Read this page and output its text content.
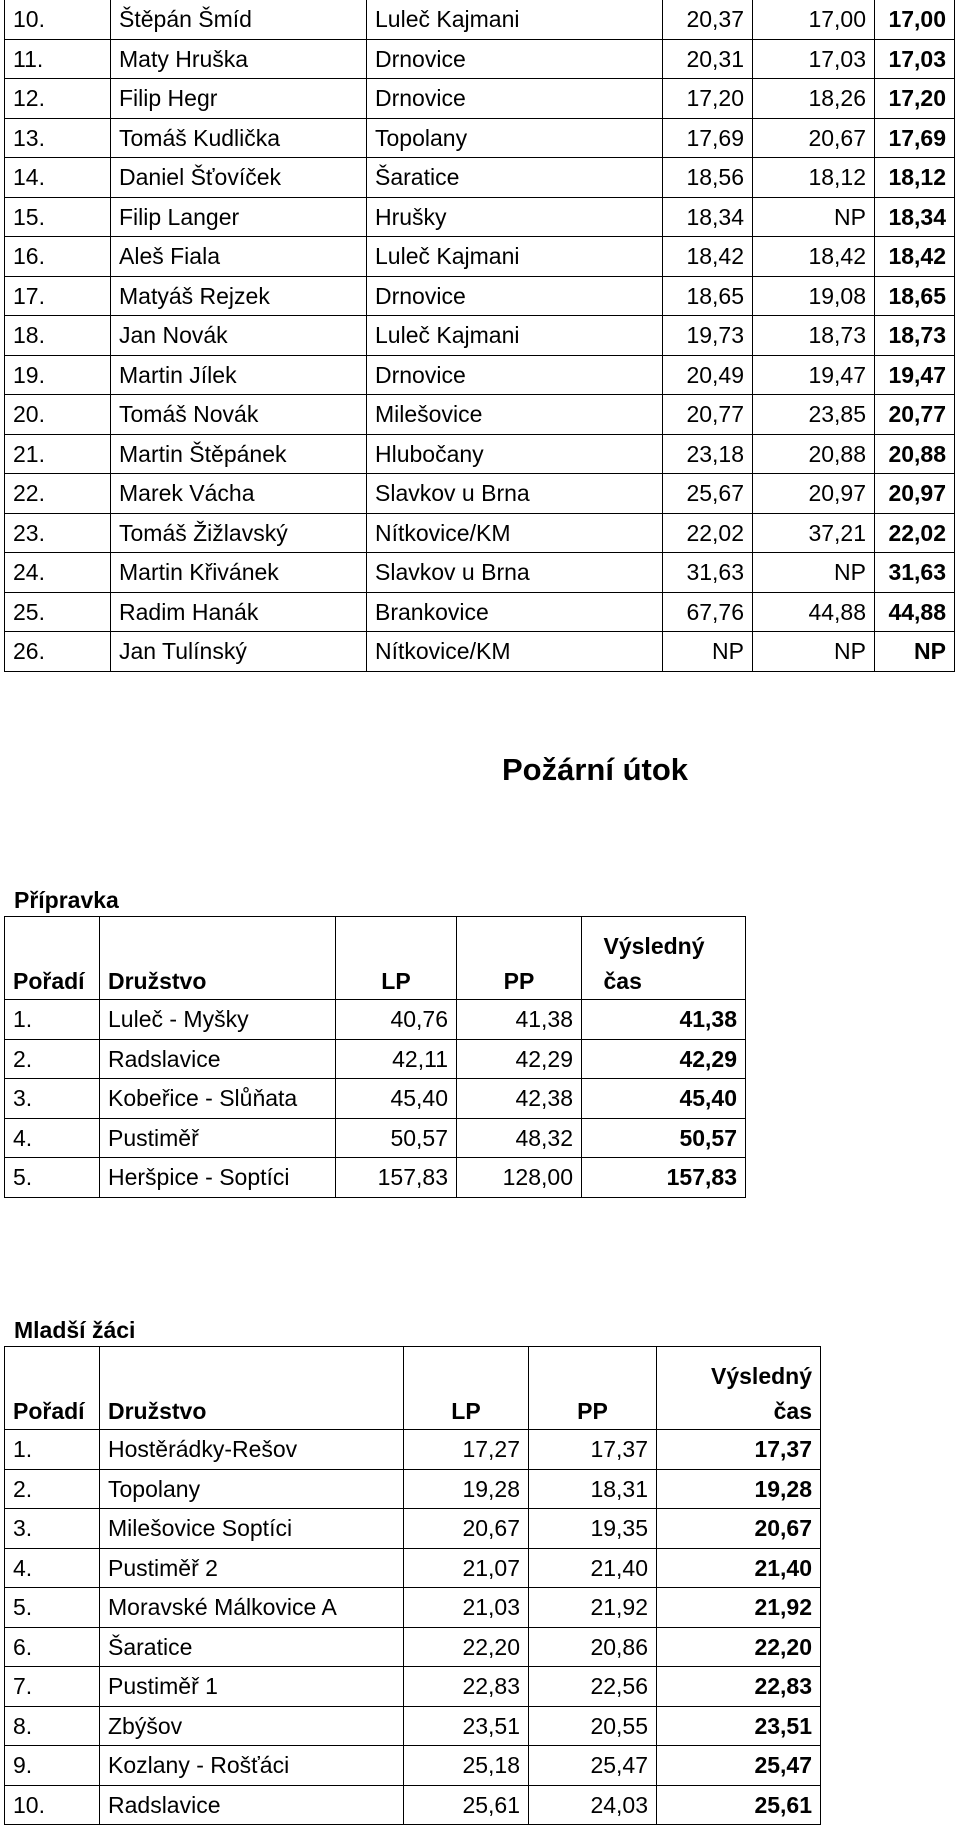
10.	Štěpán Šmíd	Luleč Kajmani	20,37	17,00	17,00
11.	Maty Hruška	Drnovice	20,31	17,03	17,03
12.	Filip Hegr	Drnovice	17,20	18,26	17,20
13.	Tomáš Kudlička	Topolany	17,69	20,67	17,69
14.	Daniel Šťovíček	Šaratice	18,56	18,12	18,12
15.	Filip Langer	Hrušky	18,34	NP	18,34
16.	Aleš Fiala	Luleč Kajmani	18,42	18,42	18,42
17.	Matyáš Rejzek	Drnovice	18,65	19,08	18,65
18.	Jan Novák	Luleč Kajmani	19,73	18,73	18,73
19.	Martin Jílek	Drnovice	20,49	19,47	19,47
20.	Tomáš Novák	Milešovice	20,77	23,85	20,77
21.	Martin Štěpánek	Hlubočany	23,18	20,88	20,88
22.	Marek Vácha	Slavkov u Brna	25,67	20,97	20,97
23.	Tomáš Žižlavský	Nítkovice/KM	22,02	37,21	22,02
24.	Martin Křivánek	Slavkov u Brna	31,63	NP	31,63
25.	Radim Hanák	Brankovice	67,76	44,88	44,88
26.	Jan Tulínský	Nítkovice/KM	NP	NP	NP
Požární útok
Přípravka
Pořadí	Družstvo	LP	PP	Výsledný čas
1.	Luleč - Myšky	40,76	41,38	41,38
2.	Radslavice	42,11	42,29	42,29
3.	Kobeřice - Slůňata	45,40	42,38	45,40
4.	Pustiměř	50,57	48,32	50,57
5.	Heršpice - Soptíci	157,83	128,00	157,83
Mladší žáci
Pořadí	Družstvo	LP	PP	Výsledný čas
1.	Hostěrádky-Rešov	17,27	17,37	17,37
2.	Topolany	19,28	18,31	19,28
3.	Milešovice Soptíci	20,67	19,35	20,67
4.	Pustiměř 2	21,07	21,40	21,40
5.	Moravské Málkovice A	21,03	21,92	21,92
6.	Šaratice	22,20	20,86	22,20
7.	Pustiměř 1	22,83	22,56	22,83
8.	Zbýšov	23,51	20,55	23,51
9.	Kozlany - Rošťáci	25,18	25,47	25,47
10.	Radslavice	25,61	24,03	25,61
